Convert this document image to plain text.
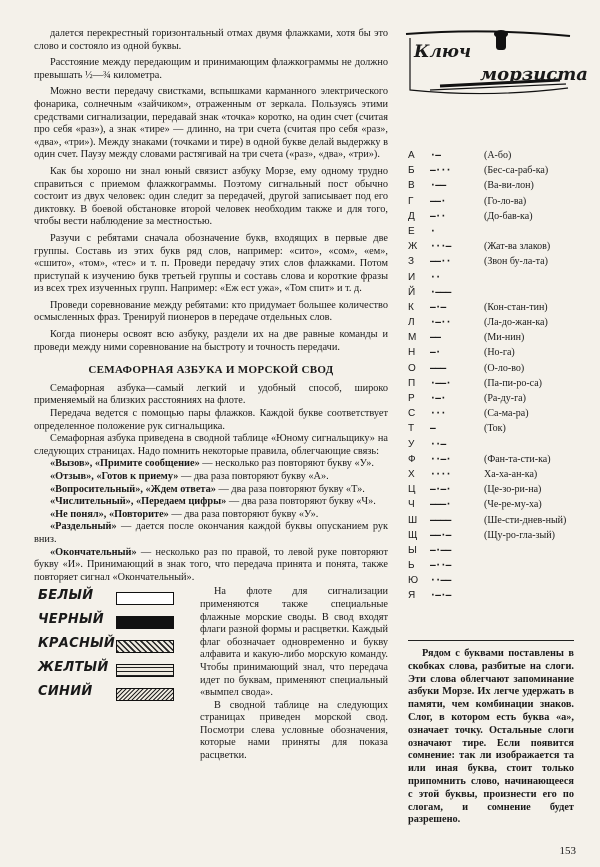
далется перекрестный горизонтальный отмах двумя флажками, хотя бы это слово и состояло из одной буквы.

Расстояние между передающим и принимающим флажкограммы не должно превышать ½—¾ километра.

Можно вести передачу свистками, вспышками карманного электрического фонарика, солнечным «зайчиком», отраженным от зеркала. Пользуясь этими средствами сигнализации, передавай знак «точка» коротко, на один счет (считая про себя «раз»), а знак «тире» — длинно, на три счета (считая про себя «раз», «два», «три»). Между знаками (точками и тире) в одной букве делай выдержку в один счет. Паузу между словами растягивай на три счета («раз», «два», «три»).

Как бы хорошо ни знал юный связист азбуку Морзе, ему одному трудно справиться с приемом флажкограммы. Поэтому сигнальный пост обычно состоит из двух человек: один следит за передачей, другой записывает под его диктовку. В боевой обстановке второй человек необходим также и для того, чтобы вести наблюдение за местностью.

Разучи с ребятами сначала обозначение букв, входящих в первые две группы. Составь из этих букв ряд слов, например: «сито», «сом», «ем», «сшито», «том», «тес» и т. п. Проведи передачу этих слов флажками. Потом приступай к изучению букв третьей группы и составь слова и короткие фразы из всех трех изученных групп. Например: «Еж ест ужа», «Том спит» и т. д.

Проведи соревнование между ребятами: кто придумает большее количество осмысленных фраз. Тренируй пионеров в передаче отдельных слов.

Когда пионеры освоят всю азбуку, раздели их на две равные команды и проведи между ними соревнование на быстроту и точность передачи.

СЕМАФОРНАЯ АЗБУКА И МОРСКОЙ СВОД

Семафорная азбука—самый легкий и удобный способ, широко применяемый на близких расстояниях на флоте.

Передача ведется с помощью пары флажков. Каждой букве соответствует определенное положение рук сигнальщика.

Семафорная азбука приведена в сводной таблице «Юному сигнальщику» на следующих страницах. Надо помнить некоторые правила, облегчающие связь:

«Вызов», «Примите сообщение» — несколько раз повторяют букву «У».

«Отзыв», «Готов к приему» — два раза повторяют букву «А».

«Вопросительный», «Ждем ответа» — два раза повторяют букву «Т».

«Числительный», «Передаем цифры» — два раза повторяют букву «Ч».

«Не понял», «Повторите» — два раза повторяют букву «У».

«Раздельный» — дается после окончания каждой буквы опусканием рук вниз.

«Окончательный» — несколько раз по правой, то левой руке повторяют букву «И». Принимающий в знак того, что передача принята и понята, также повторяет сигнал «Окончательный».

БЕЛЫЙ
ЧЕРНЫЙ
КРАСНЫЙ
ЖЕЛТЫЙ
СИНИЙ

На флоте для сигнализации применяются также специальные флажные морские своды. В свод входят флаги разной формы и расцветки. Каждый флаг обозначает одновременно и букву алфавита и какую-либо морскую команду. Чтобы принимающий знал, что передача идет по буквам, применяют специальный «вымпел свода».

В сводной таблице на следующих страницах приведен морской свод. Посмотри слева условные обозначения, которые нами приняты для показа расцветки.

Ключ
морзиста
А	·—	(А-бо)
Б	—···	(Бес-са-раб-ка)
В	·——	(Ва-ви-лон)
Г	——·	(Го-ло-ва)
Д	—··	(До-бав-ка)
Е	·
Ж	···—	(Жат-ва злаков)
З	——··	(Звон бу-ла-та)
И	··
Й	·———
К	—·—	(Кон-стан-тин)
Л	·—··	(Ла-до-жан-ка)
М	——	(Ми-нин)
Н	—·	(Но-га)
О	———	(О-ло-во)
П	·——·	(Па-пи-ро-са)
Р	·—·	(Ра-ду-га)
С	···	(Са-ма-ра)
Т	—	(Ток)
У	··—
Ф	··—·	(Фан-та-сти-ка)
Х	····	Ха-ха-ан-ка)
Ц	—·—·	(Це-зо-ри-на)
Ч	———·	(Че-ре-му-ха)
Ш	————	(Ше-сти-днев-ный)
Щ	——·—	(Щу-ро-гла-зый)
Ы	—·——
Ь	—··—
Ю	··——
Я	·—·—

Рядом с буквами поставлены в скобках слова, разбитые на слоги. Эти слова облегчают запоминание азбуки Морзе. Их легче удержать в памяти, чем комбинации знаков. Слог, в котором есть буква «а», означает точку. Остальные слоги означают тире. Если появится сомнение: так ли изображается та или иная буква, стоит только припомнить слово, начинающееся с этой буквы, произнести его по слогам, и сомнение будет разрешено.

153
